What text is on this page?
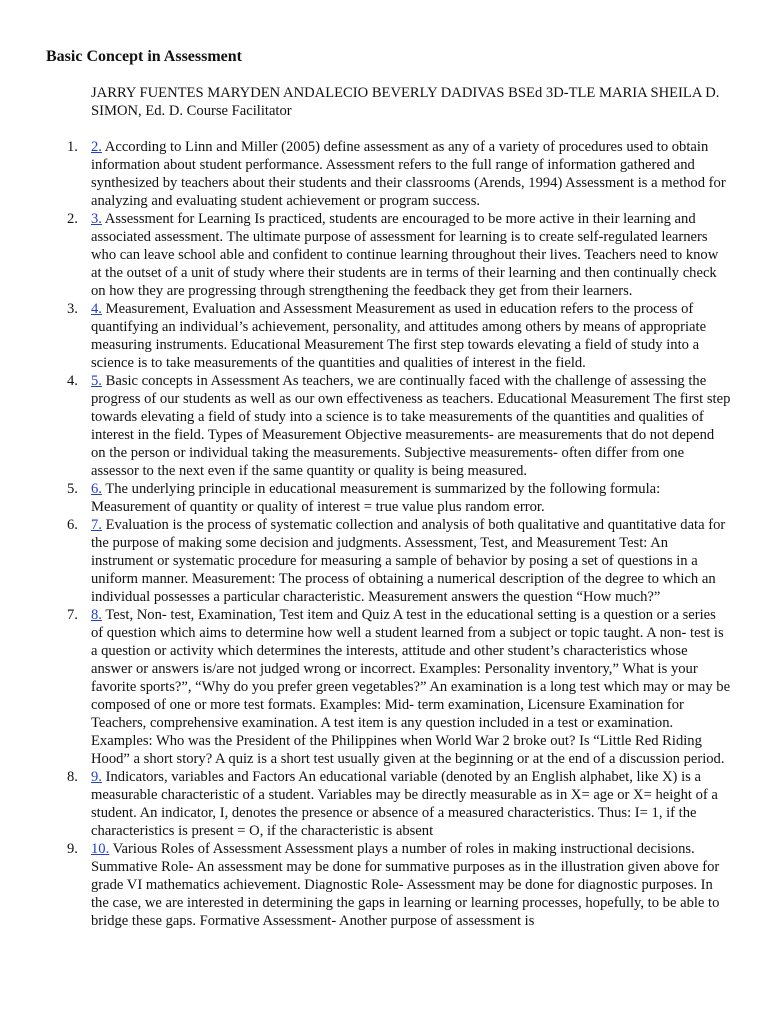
Basic Concept in Assessment

JARRY FUENTES MARYDEN ANDALECIO BEVERLY DADIVAS BSEd 3D-TLE MARIA SHEILA D. SIMON, Ed. D. Course Facilitator

1. 2. According to Linn and Miller (2005) define assessment as any of a variety of procedures used to obtain information about student performance. Assessment refers to the full range of information gathered and synthesized by teachers about their students and their classrooms (Arends, 1994) Assessment is a method for analyzing and evaluating student achievement or program success.
2. 3. Assessment for Learning Is practiced, students are encouraged to be more active in their learning and associated assessment. The ultimate purpose of assessment for learning is to create self-regulated learners who can leave school able and confident to continue learning throughout their lives. Teachers need to know at the outset of a unit of study where their students are in terms of their learning and then continually check on how they are progressing through strengthening the feedback they get from their learners.
3. 4. Measurement, Evaluation and Assessment Measurement as used in education refers to the process of quantifying an individual’s achievement, personality, and attitudes among others by means of appropriate measuring instruments. Educational Measurement The first step towards elevating a field of study into a science is to take measurements of the quantities and qualities of interest in the field.
4. 5. Basic concepts in Assessment As teachers, we are continually faced with the challenge of assessing the progress of our students as well as our own effectiveness as teachers. Educational Measurement The first step towards elevating a field of study into a science is to take measurements of the quantities and qualities of interest in the field. Types of Measurement Objective measurements- are measurements that do not depend on the person or individual taking the measurements. Subjective measurements- often differ from one assessor to the next even if the same quantity or quality is being measured.
5. 6. The underlying principle in educational measurement is summarized by the following formula: Measurement of quantity or quality of interest = true value plus random error.
6. 7. Evaluation is the process of systematic collection and analysis of both qualitative and quantitative data for the purpose of making some decision and judgments. Assessment, Test, and Measurement Test: An instrument or systematic procedure for measuring a sample of behavior by posing a set of questions in a uniform manner. Measurement: The process of obtaining a numerical description of the degree to which an individual possesses a particular characteristic. Measurement answers the question “How much?”
7. 8. Test, Non- test, Examination, Test item and Quiz A test in the educational setting is a question or a series of question which aims to determine how well a student learned from a subject or topic taught. A non- test is a question or activity which determines the interests, attitude and other student’s characteristics whose answer or answers is/are not judged wrong or incorrect. Examples: Personality inventory,” What is your favorite sports?”, “Why do you prefer green vegetables?” An examination is a long test which may or may be composed of one or more test formats. Examples: Mid- term examination, Licensure Examination for Teachers, comprehensive examination. A test item is any question included in a test or examination. Examples: Who was the President of the Philippines when World War 2 broke out? Is “Little Red Riding Hood” a short story? A quiz is a short test usually given at the beginning or at the end of a discussion period.
8. 9. Indicators, variables and Factors An educational variable (denoted by an English alphabet, like X) is a measurable characteristic of a student. Variables may be directly measurable as in X= age or X= height of a student. An indicator, I, denotes the presence or absence of a measured characteristics. Thus: I= 1, if the characteristics is present = O, if the characteristic is absent
9. 10. Various Roles of Assessment Assessment plays a number of roles in making instructional decisions. Summative Role- An assessment may be done for summative purposes as in the illustration given above for grade VI mathematics achievement. Diagnostic Role- Assessment may be done for diagnostic purposes. In the case, we are interested in determining the gaps in learning or learning processes, hopefully, to be able to bridge these gaps. Formative Assessment- Another purpose of assessment is
